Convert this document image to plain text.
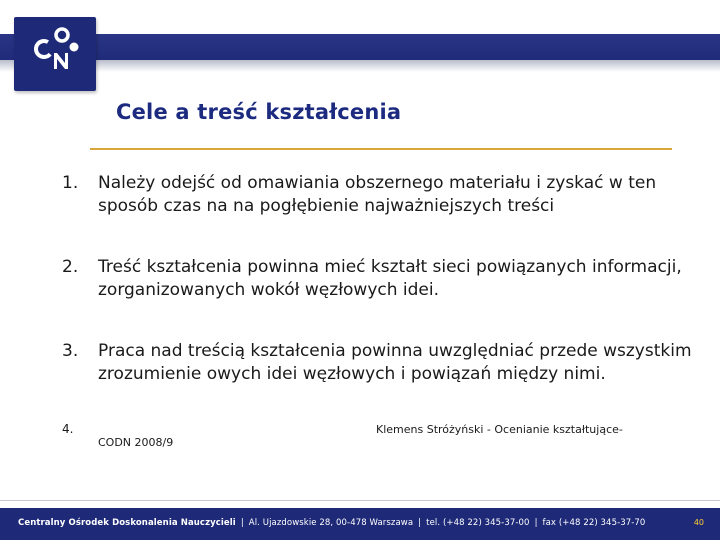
Cele a treść kształcenia
1. Należy odejść od omawiania obszernego materiału i zyskać w ten sposób czas na na pogłębienie najważniejszych treści
2. Treść kształcenia powinna mieć kształt sieci powiązanych informacji, zorganizowanych wokół węzłowych idei.
3. Praca nad treścią kształcenia powinna uwzględniać przede wszystkim zrozumienie owych idei węzłowych i powiązań między nimi.
4.	Klemens Stróżyński - Ocenianie kształtujące-
CODN 2008/9
Centralny Ośrodek Doskonalenia Nauczycieli | Al. Ujazdowskie 28, 00-478 Warszawa | tel. (+48 22) 345-37-00 | fax (+48 22) 345-37-70	40
